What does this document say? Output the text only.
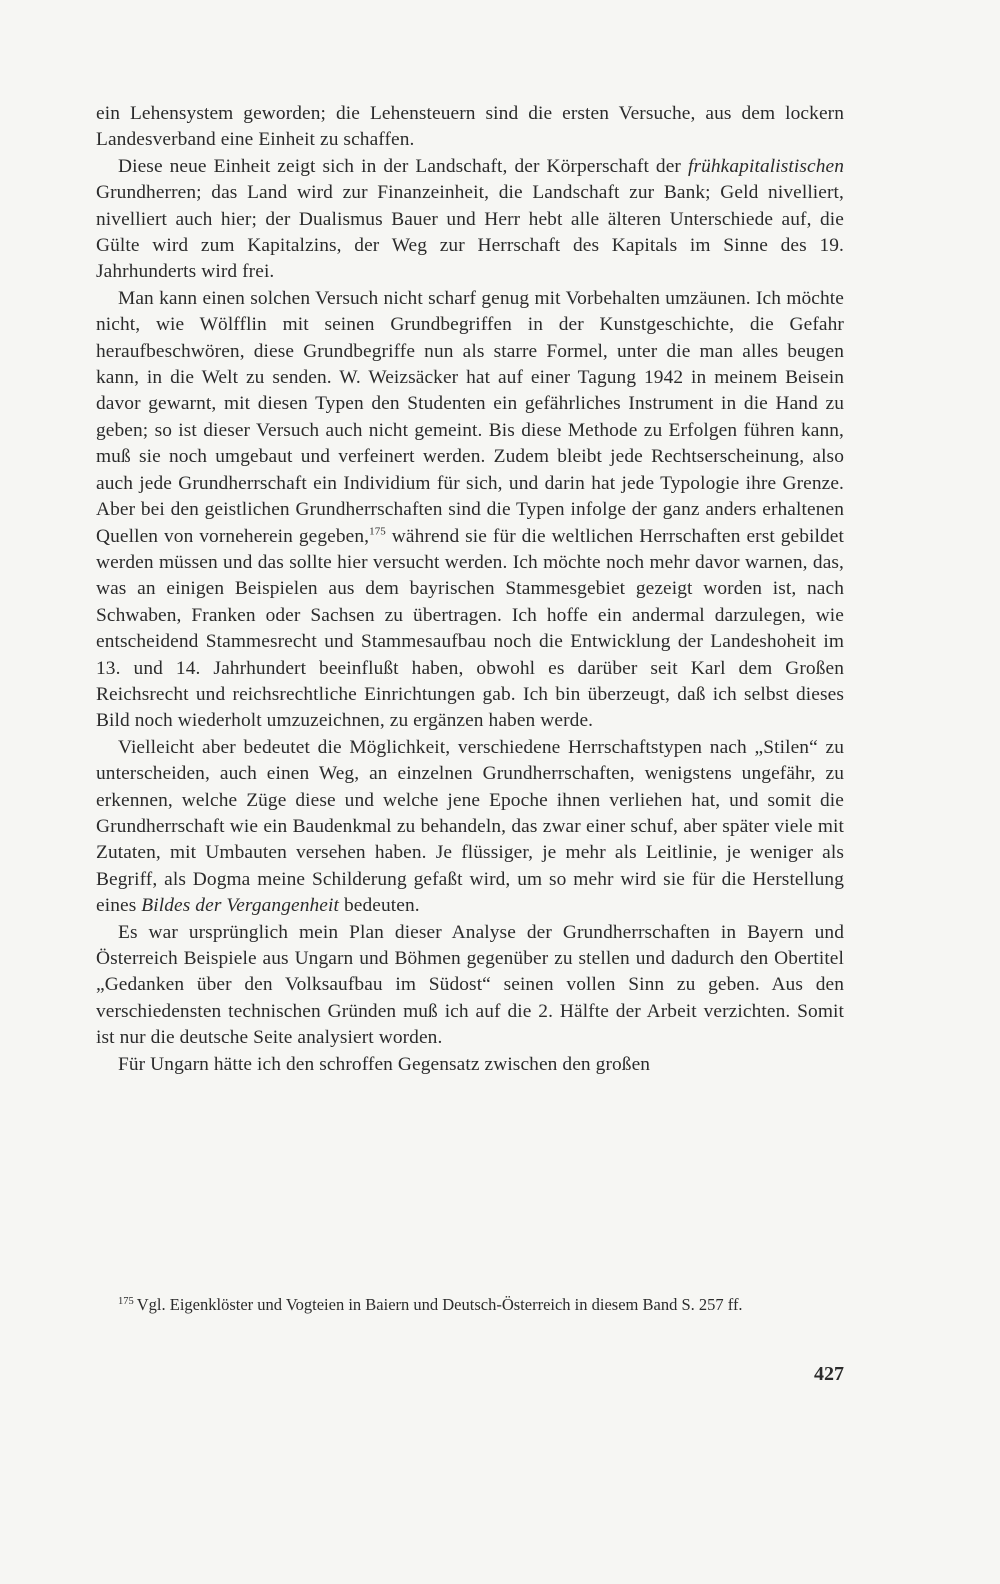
ein Lehensystem geworden; die Lehensteuern sind die ersten Versuche, aus dem lockern Landesverband eine Einheit zu schaffen.

Diese neue Einheit zeigt sich in der Landschaft, der Körperschaft der frühkapitalistischen Grundherren; das Land wird zur Finanzeinheit, die Landschaft zur Bank; Geld nivelliert, nivelliert auch hier; der Dualismus Bauer und Herr hebt alle älteren Unterschiede auf, die Gülte wird zum Kapitalzins, der Weg zur Herrschaft des Kapitals im Sinne des 19. Jahrhunderts wird frei.

Man kann einen solchen Versuch nicht scharf genug mit Vorbehalten umzäunen. Ich möchte nicht, wie Wölfflin mit seinen Grundbegriffen in der Kunstgeschichte, die Gefahr heraufbeschwören, diese Grundbegriffe nun als starre Formel, unter die man alles beugen kann, in die Welt zu senden. W. Weizsäcker hat auf einer Tagung 1942 in meinem Beisein davor gewarnt, mit diesen Typen den Studenten ein gefährliches Instrument in die Hand zu geben; so ist dieser Versuch auch nicht gemeint. Bis diese Methode zu Erfolgen führen kann, muß sie noch umgebaut und verfeinert werden. Zudem bleibt jede Rechtserscheinung, also auch jede Grundherrschaft ein Individium für sich, und darin hat jede Typologie ihre Grenze. Aber bei den geistlichen Grundherrschaften sind die Typen infolge der ganz anders erhaltenen Quellen von vorneherein gegeben,$^{175}$ während sie für die weltlichen Herrschaften erst gebildet werden müssen und das sollte hier versucht werden. Ich möchte noch mehr davor warnen, das, was an einigen Beispielen aus dem bayrischen Stammesgebiet gezeigt worden ist, nach Schwaben, Franken oder Sachsen zu übertragen. Ich hoffe ein andermal darzulegen, wie entscheidend Stammesrecht und Stammesaufbau noch die Entwicklung der Landeshoheit im 13. und 14. Jahrhundert beeinflußt haben, obwohl es darüber seit Karl dem Großen Reichsrecht und reichsrechtliche Einrichtungen gab. Ich bin überzeugt, daß ich selbst dieses Bild noch wiederholt umzuzeichnen, zu ergänzen haben werde.

Vielleicht aber bedeutet die Möglichkeit, verschiedene Herrschaftstypen nach „Stilen“ zu unterscheiden, auch einen Weg, an einzelnen Grundherrschaften, wenigstens ungefähr, zu erkennen, welche Züge diese und welche jene Epoche ihnen verliehen hat, und somit die Grundherrschaft wie ein Baudenkmal zu behandeln, das zwar einer schuf, aber später viele mit Zutaten, mit Umbauten versehen haben. Je flüssiger, je mehr als Leitlinie, je weniger als Begriff, als Dogma meine Schilderung gefaßt wird, um so mehr wird sie für die Herstellung eines Bildes der Vergangenheit bedeuten.

Es war ursprünglich mein Plan dieser Analyse der Grundherrschaften in Bayern und Österreich Beispiele aus Ungarn und Böhmen gegenüber zu stellen und dadurch den Obertitel „Gedanken über den Volksaufbau im Südost“ seinen vollen Sinn zu geben. Aus den verschiedensten technischen Gründen muß ich auf die 2. Hälfte der Arbeit verzichten. Somit ist nur die deutsche Seite analysiert worden.

Für Ungarn hätte ich den schroffen Gegensatz zwischen den großen

$^{175}$ Vgl. Eigenklöster und Vogteien in Baiern und Deutsch-Österreich in diesem Band S. 257 ff.
427
